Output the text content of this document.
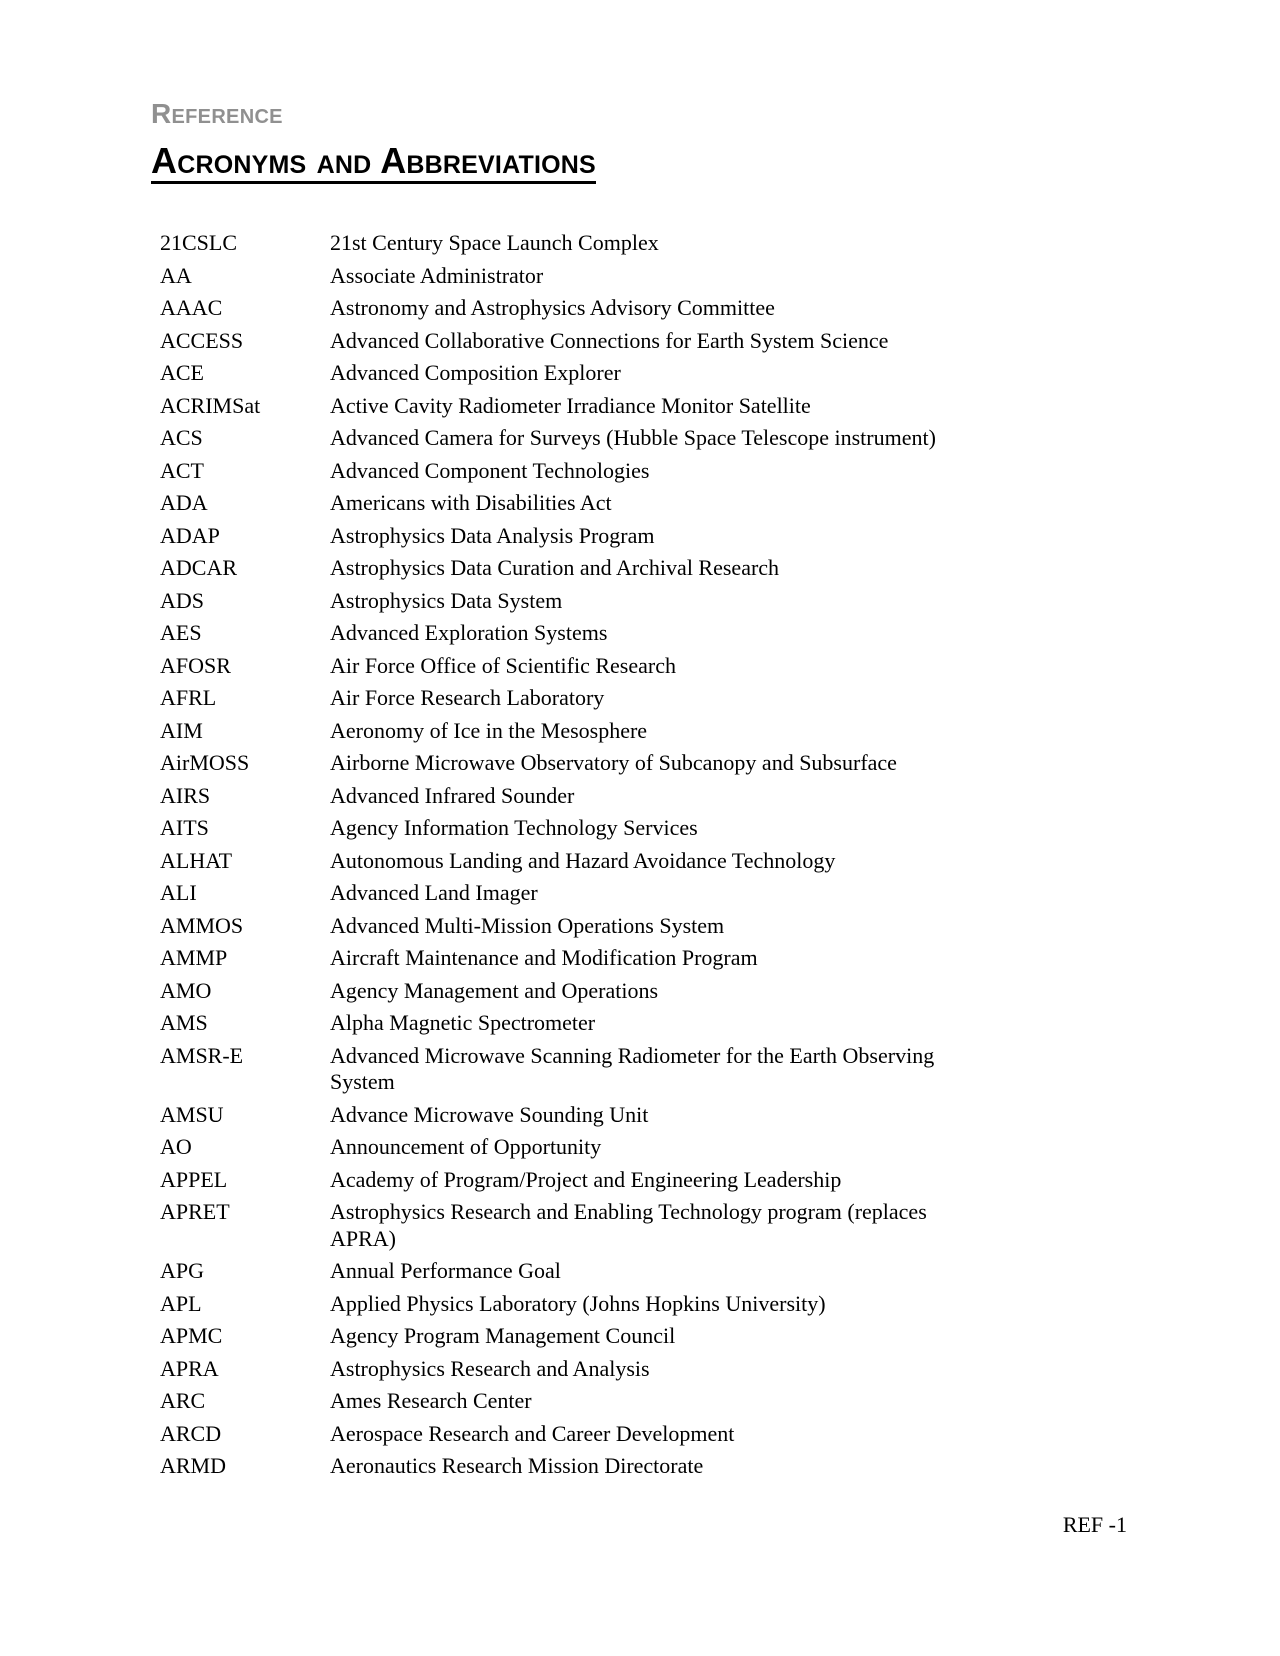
Reference
Acronyms and Abbreviations
21CSLC	21st Century Space Launch Complex
AA	Associate Administrator
AAAC	Astronomy and Astrophysics Advisory Committee
ACCESS	Advanced Collaborative Connections for Earth System Science
ACE	Advanced Composition Explorer
ACRIMSat	Active Cavity Radiometer Irradiance Monitor Satellite
ACS	Advanced Camera for Surveys (Hubble Space Telescope instrument)
ACT	Advanced Component Technologies
ADA	Americans with Disabilities Act
ADAP	Astrophysics Data Analysis Program
ADCAR	Astrophysics Data Curation and Archival Research
ADS	Astrophysics Data System
AES	Advanced Exploration Systems
AFOSR	Air Force Office of Scientific Research
AFRL	Air Force Research Laboratory
AIM	Aeronomy of Ice in the Mesosphere
AirMOSS	Airborne Microwave Observatory of Subcanopy and Subsurface
AIRS	Advanced Infrared Sounder
AITS	Agency Information Technology Services
ALHAT	Autonomous Landing and Hazard Avoidance Technology
ALI	Advanced Land Imager
AMMOS	Advanced Multi-Mission Operations System
AMMP	Aircraft Maintenance and Modification Program
AMO	Agency Management and Operations
AMS	Alpha Magnetic Spectrometer
AMSR-E	Advanced Microwave Scanning Radiometer for the Earth Observing System
AMSU	Advance Microwave Sounding Unit
AO	Announcement of Opportunity
APPEL	Academy of Program/Project and Engineering Leadership
APRET	Astrophysics Research and Enabling Technology program (replaces APRA)
APG	Annual Performance Goal
APL	Applied Physics Laboratory (Johns Hopkins University)
APMC	Agency Program Management Council
APRA	Astrophysics Research and Analysis
ARC	Ames Research Center
ARCD	Aerospace Research and Career Development
ARMD	Aeronautics Research Mission Directorate
REF -1
